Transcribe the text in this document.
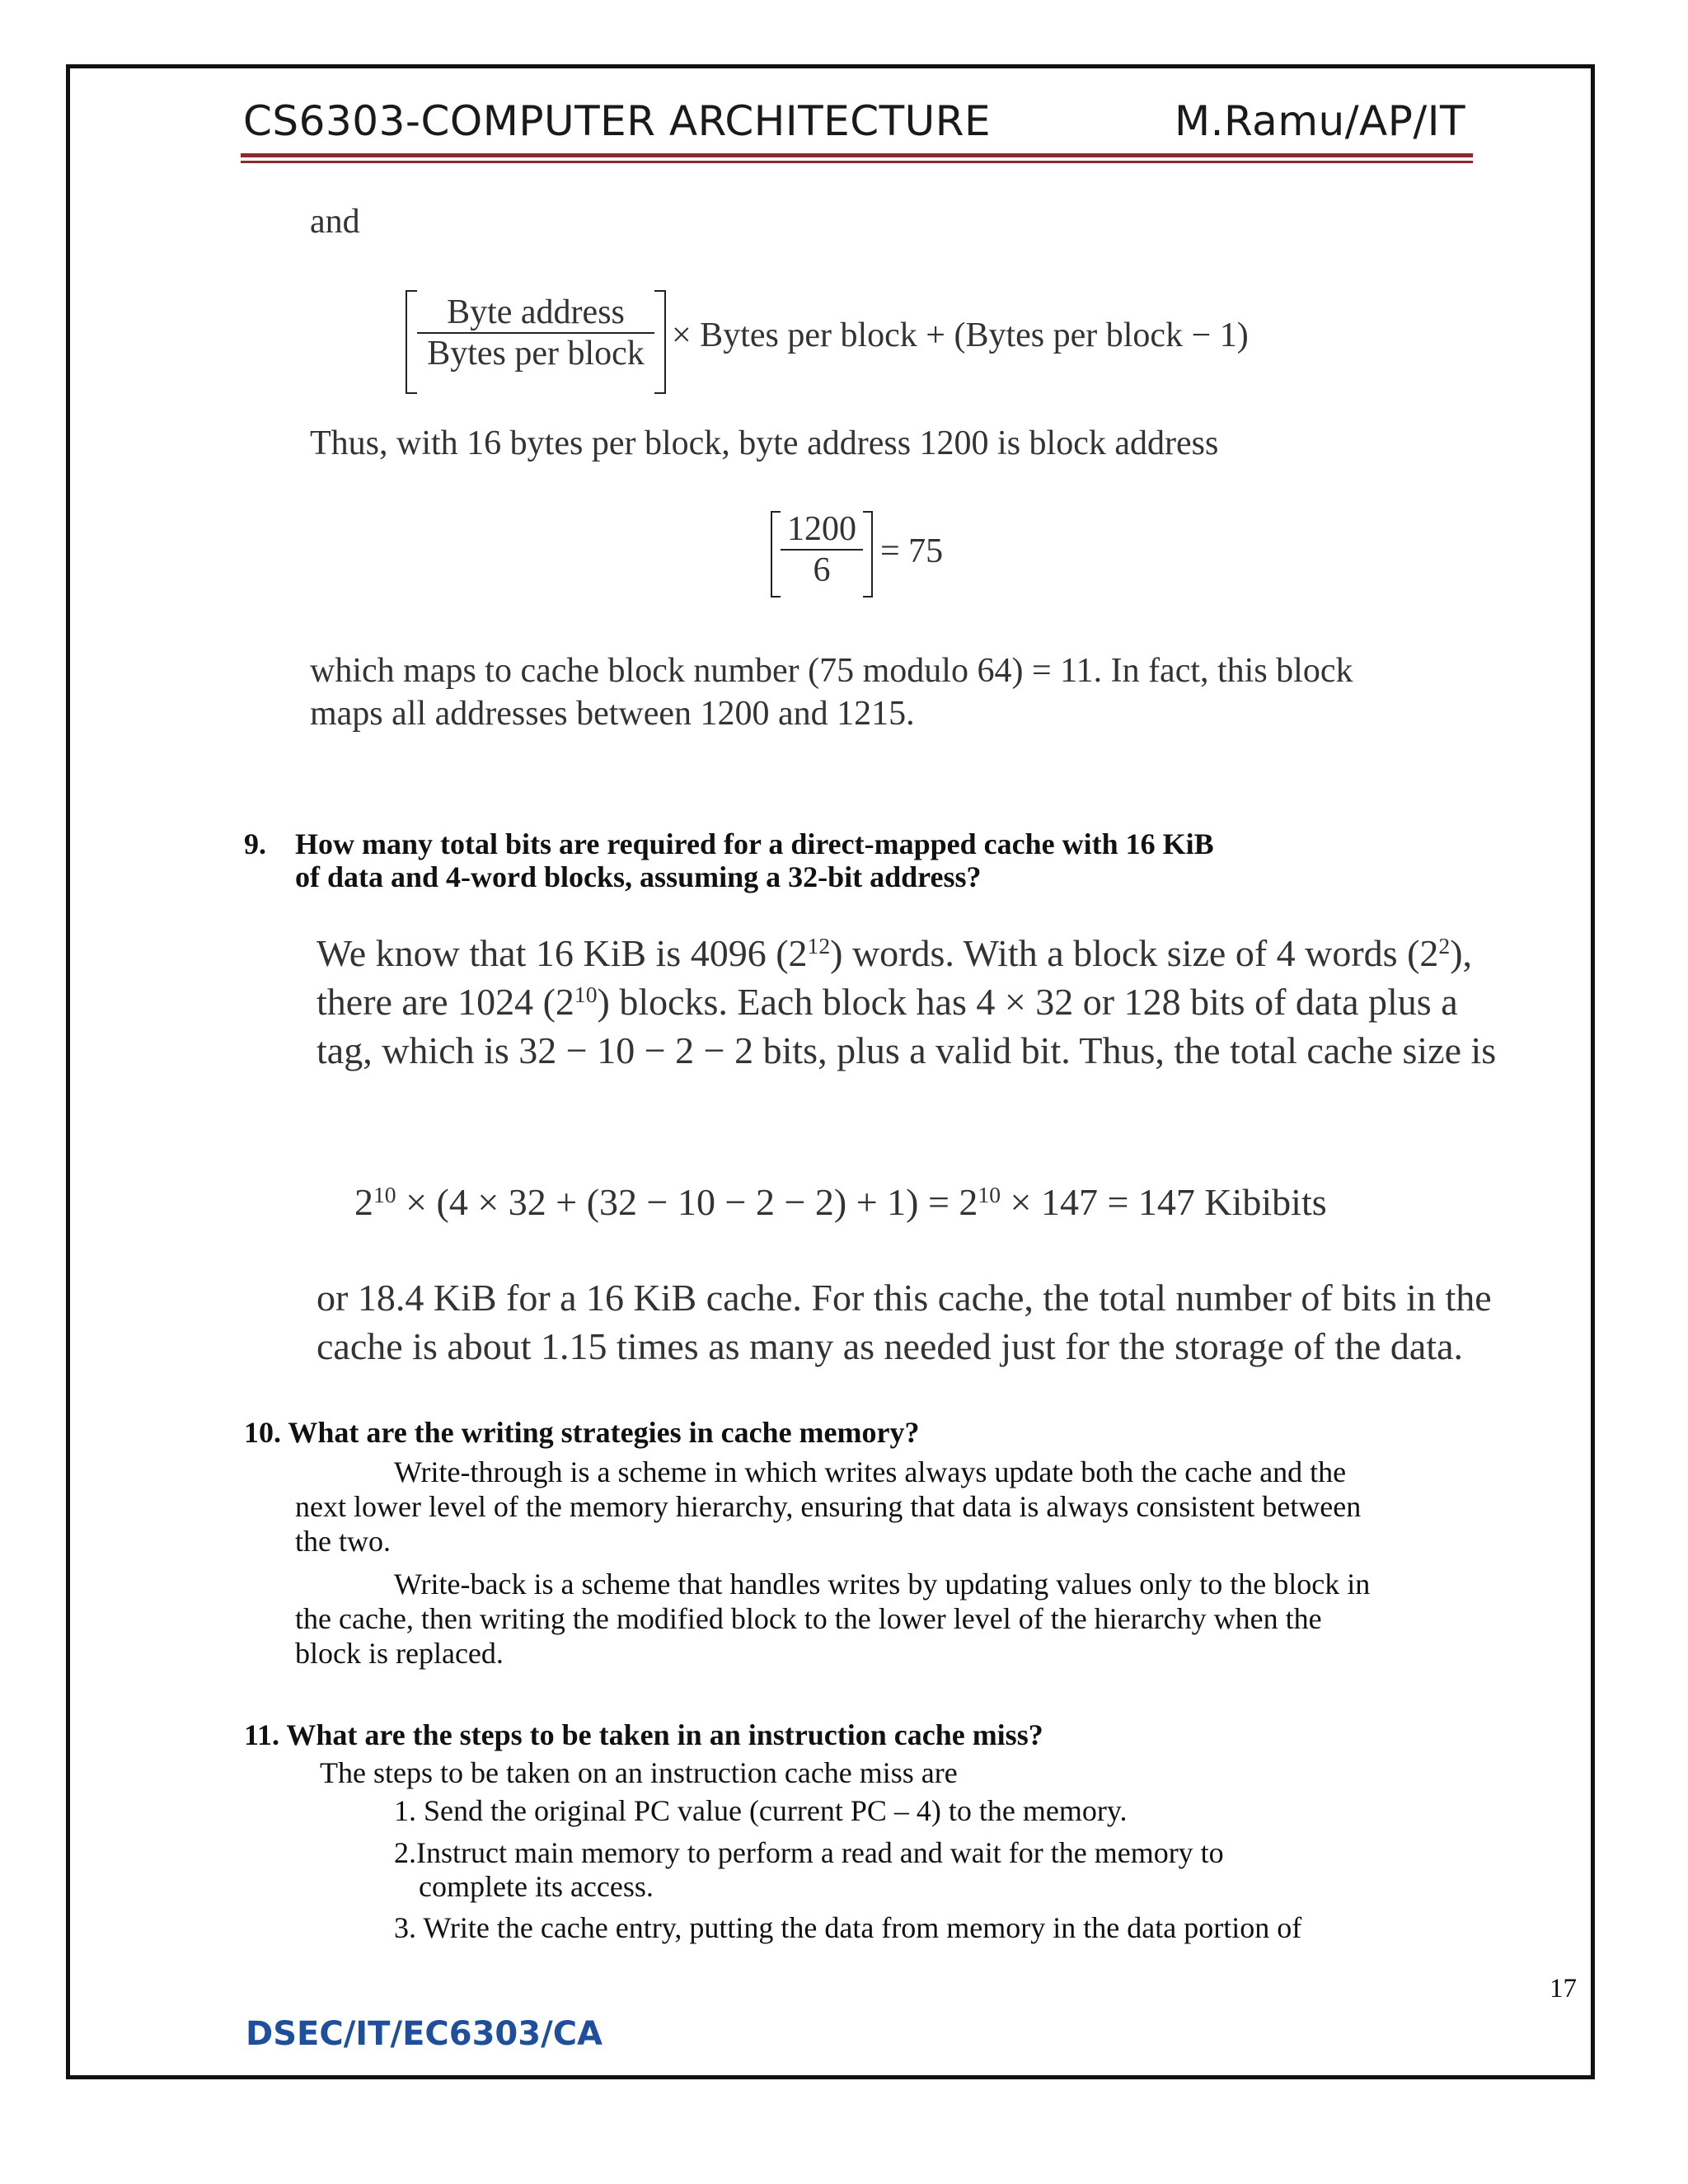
CS6303-COMPUTER ARCHITECTURE	M.Ramu/AP/IT
and
Byte address
Bytes per block × Bytes per block + (Bytes per block − 1)
Thus, with 16 bytes per block, byte address 1200 is block address
1200
6	= 75
which maps to cache block number (75 modulo 64) = 11. In fact, this block
maps all addresses between 1200 and 1215.
9. How many total bits are required for a direct-mapped cache with 16 KiB
of data and 4-word blocks, assuming a 32-bit address?
We know that 16 KiB is 4096 $(2^{12})$ words. With a block size of 4 words $(2^2)$,
there are 1024 $(2^{10})$ blocks. Each block has 4 × 32 or 128 bits of data plus a
tag, which is 32 − 10 − 2 − 2 bits, plus a valid bit. Thus, the total cache size is
$2^{10} \times (4 \times 32 + (32 - 10 - 2 - 2) + 1) = 2^{10} \times 147 = 147$ Kibibits
or 18.4 KiB for a 16 KiB cache. For this cache, the total number of bits in the
cache is about 1.15 times as many as needed just for the storage of the data.
10. What are the writing strategies in cache memory?
Write-through is a scheme in which writes always update both the cache and the
next lower level of the memory hierarchy, ensuring that data is always consistent between
the two.
Write-back is a scheme that handles writes by updating values only to the block in
the cache, then writing the modified block to the lower level of the hierarchy when the
block is replaced.
11. What are the steps to be taken in an instruction cache miss?
The steps to be taken on an instruction cache miss are
1. Send the original PC value (current PC – 4) to the memory.
2.Instruct main memory to perform a read and wait for the memory to
complete its access.
3. Write the cache entry, putting the data from memory in the data portion of
17
DSEC/IT/EC6303/CA
